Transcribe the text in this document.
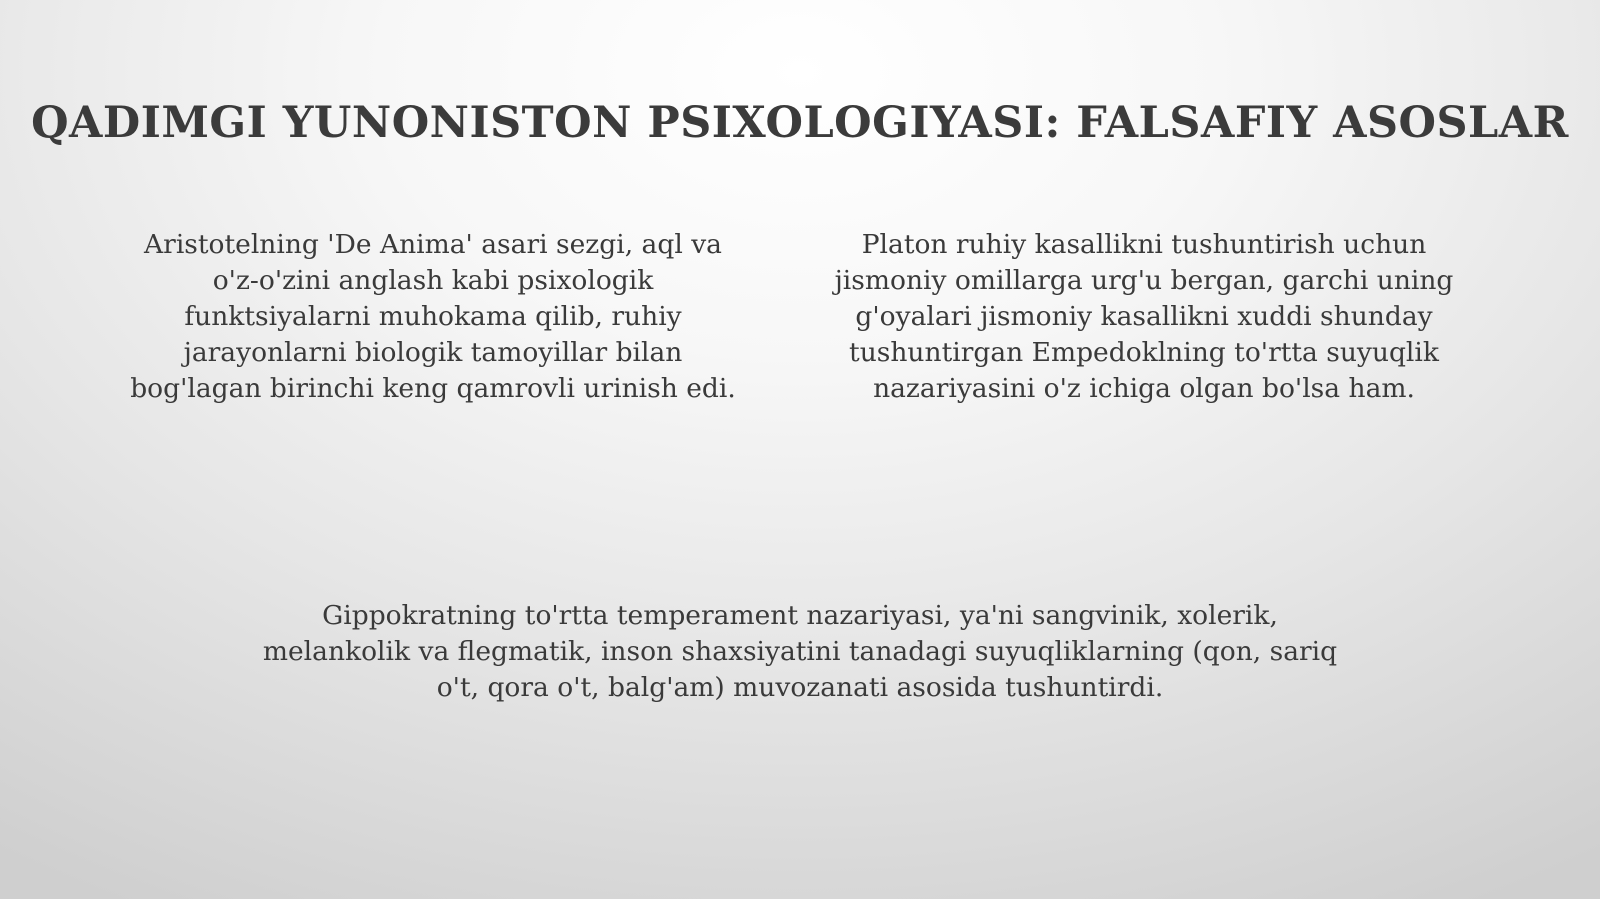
QADIMGI YUNONISTON PSIXOLOGIYASI: FALSAFIY ASOSLAR
Aristotelning 'De Anima' asari sezgi, aql va o'z-o'zini anglash kabi psixologik funktsiyalarni muhokama qilib, ruhiy jarayonlarni biologik tamoyillar bilan bog'lagan birinchi keng qamrovli urinish edi.
Platon ruhiy kasallikni tushuntirish uchun jismoniy omillarga urg'u bergan, garchi uning g'oyalari jismoniy kasallikni xuddi shunday tushuntirgan Empedoklning to'rtta suyuqlik nazariyasini o'z ichiga olgan bo'lsa ham.
Gippokratning to'rtta temperament nazariyasi, ya'ni sangvinik, xolerik, melankolik va flegmatik, inson shaxsiyatini tanadagi suyuqliklarning (qon, sariq o't, qora o't, balg'am) muvozanati asosida tushuntirdi.
